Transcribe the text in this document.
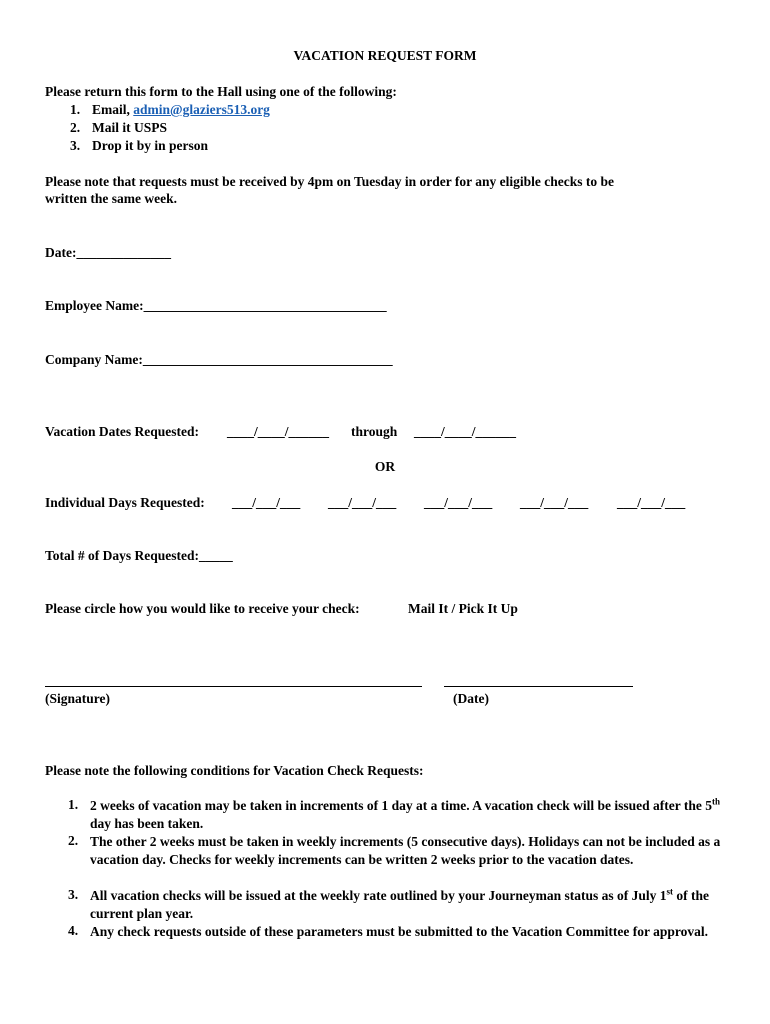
VACATION REQUEST FORM
Please return this form to the Hall using one of the following:
1. Email, admin@glaziers513.org
2. Mail it USPS
3. Drop it by in person
Please note that requests must be received by 4pm on Tuesday in order for any eligible checks to be
written the same week.
Date:______________
Employee Name:____________________________________
Company Name:_____________________________________
Vacation Dates Requested: ____/____/______ through ____/____/______
OR
Individual Days Requested: ___/___/___ ___/___/___ ___/___/___ ___/___/___ ___/___/___
Total # of Days Requested:_____
Please circle how you would like to receive your check:	Mail It / Pick It Up
(Signature)	(Date)
Please note the following conditions for Vacation Check Requests:
1. 2 weeks of vacation may be taken in increments of 1 day at a time. A vacation check will be issued after the 5th day has been taken.
2. The other 2 weeks must be taken in weekly increments (5 consecutive days). Holidays can not be included as a vacation day. Checks for weekly increments can be written 2 weeks prior to the vacation dates.
3. All vacation checks will be issued at the weekly rate outlined by your Journeyman status as of July 1st of the current plan year.
4. Any check requests outside of these parameters must be submitted to the Vacation Committee for approval.
